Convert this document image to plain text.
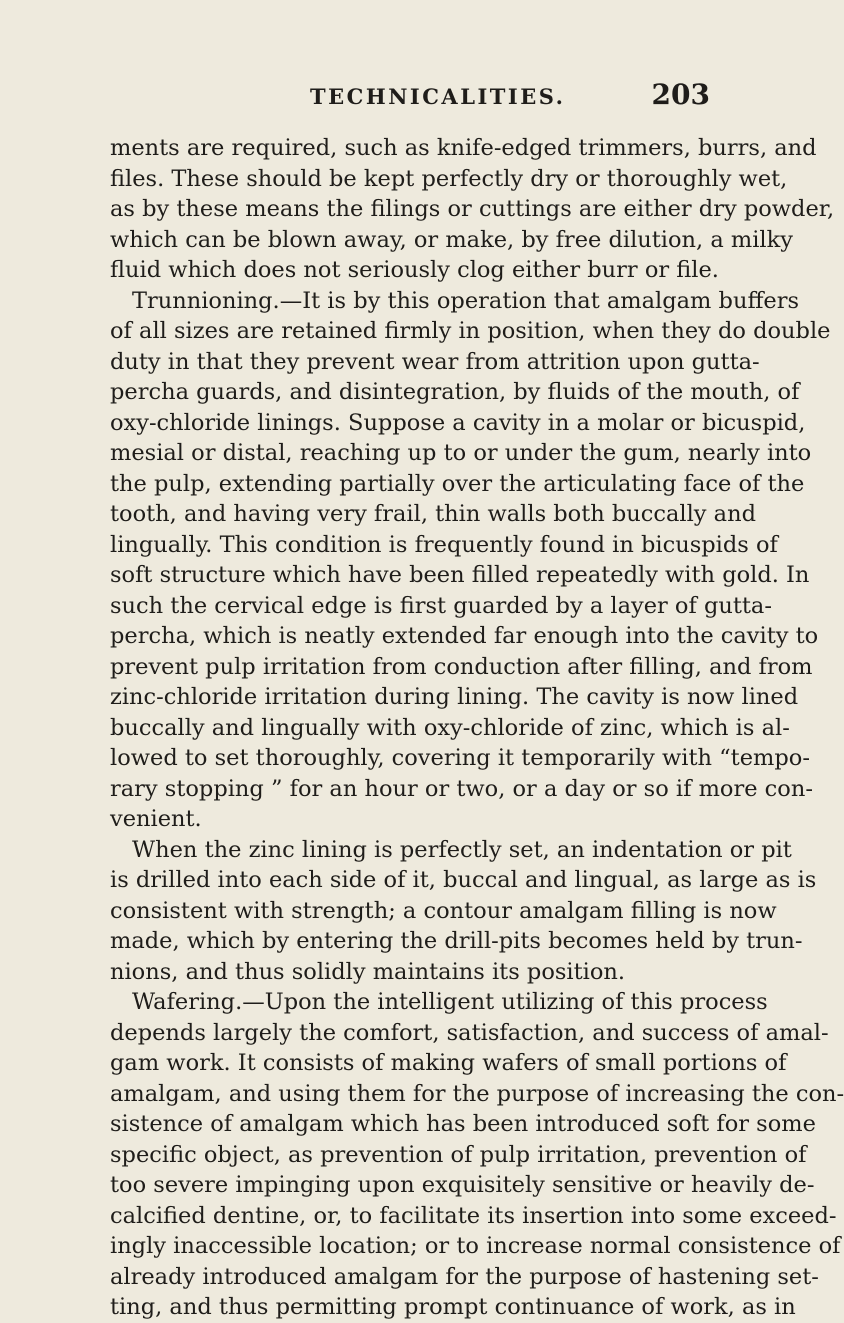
TECHNICALITIES.	203
ments are required, such as knife-edged trimmers, burrs, and
files. These should be kept perfectly dry or thoroughly wet,
as by these means the filings or cuttings are either dry powder,
which can be blown away, or make, by free dilution, a milky
fluid which does not seriously clog either burr or file.
Trunnioning.—It is by this operation that amalgam buffers
of all sizes are retained firmly in position, when they do double
duty in that they prevent wear from attrition upon gutta-
percha guards, and disintegration, by fluids of the mouth, of
oxy-chloride linings. Suppose a cavity in a molar or bicuspid,
mesial or distal, reaching up to or under the gum, nearly into
the pulp, extending partially over the articulating face of the
tooth, and having very frail, thin walls both buccally and
lingually. This condition is frequently found in bicuspids of
soft structure which have been filled repeatedly with gold. In
such the cervical edge is first guarded by a layer of gutta-
percha, which is neatly extended far enough into the cavity to
prevent pulp irritation from conduction after filling, and from
zinc-chloride irritation during lining. The cavity is now lined
buccally and lingually with oxy-chloride of zinc, which is al-
lowed to set thoroughly, covering it temporarily with “tempo-
rary stopping ” for an hour or two, or a day or so if more con-
venient.
When the zinc lining is perfectly set, an indentation or pit
is drilled into each side of it, buccal and lingual, as large as is
consistent with strength; a contour amalgam filling is now
made, which by entering the drill-pits becomes held by trun-
nions, and thus solidly maintains its position.
Wafering.—Upon the intelligent utilizing of this process
depends largely the comfort, satisfaction, and success of amal-
gam work. It consists of making wafers of small portions of
amalgam, and using them for the purpose of increasing the con-
sistence of amalgam which has been introduced soft for some
specific object, as prevention of pulp irritation, prevention of
too severe impinging upon exquisitely sensitive or heavily de-
calcified dentine, or, to facilitate its insertion into some exceed-
ingly inaccessible location; or to increase normal consistence of
already introduced amalgam for the purpose of hastening set-
ting, and thus permitting prompt continuance of work, as in
